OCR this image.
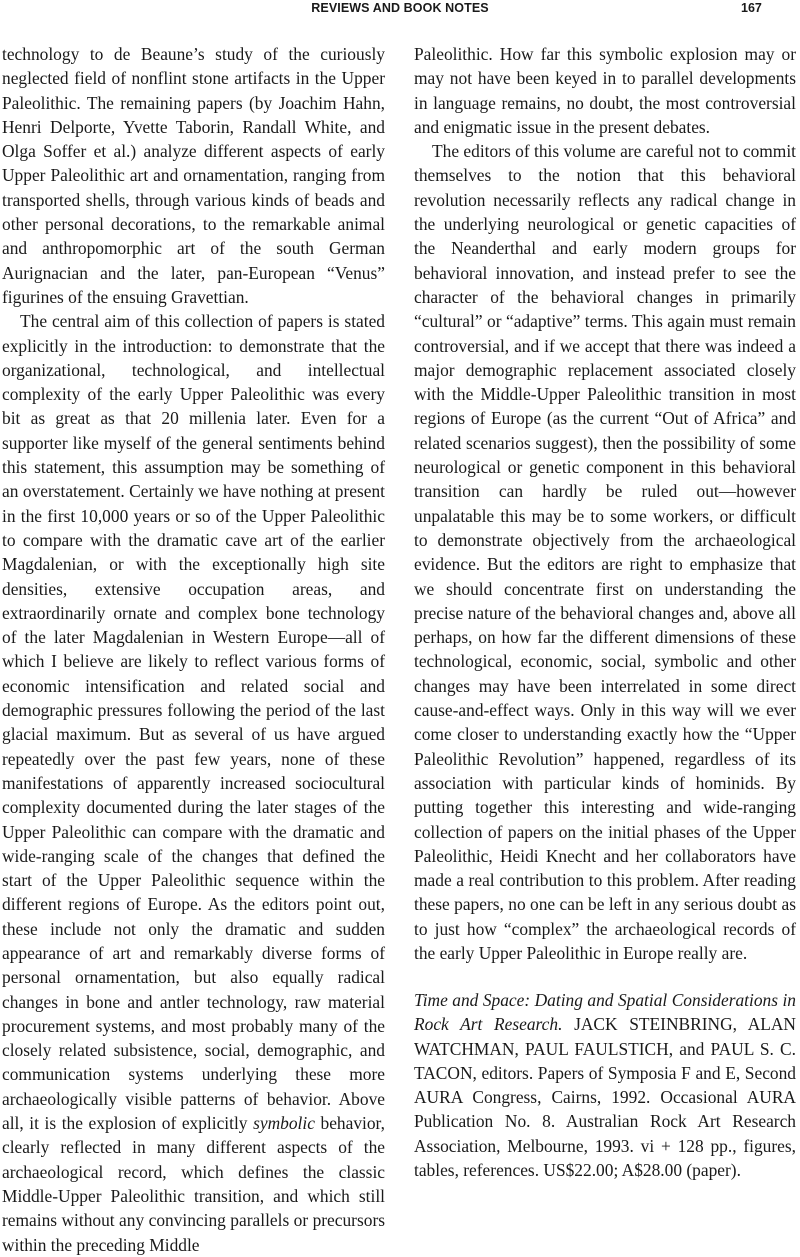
REVIEWS AND BOOK NOTES	167

technology to de Beaune’s study of the curiously neglected field of nonflint stone artifacts in the Upper Paleolithic. The remaining papers (by Joachim Hahn, Henri Delporte, Yvette Taborin, Randall White, and Olga Soffer et al.) analyze different aspects of early Upper Paleolithic art and ornamentation, ranging from transported shells, through various kinds of beads and other personal decorations, to the remarkable animal and anthropomorphic art of the south German Aurignacian and the later, pan-European “Venus” figurines of the ensuing Gravettian.

The central aim of this collection of papers is stated explicitly in the introduction: to demonstrate that the organizational, technological, and intellectual complexity of the early Upper Paleolithic was every bit as great as that 20 millenia later. Even for a supporter like myself of the general sentiments behind this statement, this assumption may be something of an overstatement. Certainly we have nothing at present in the first 10,000 years or so of the Upper Paleolithic to compare with the dramatic cave art of the earlier Magdalenian, or with the exceptionally high site densities, extensive occupation areas, and extraordinarily ornate and complex bone technology of the later Magdalenian in Western Europe—all of which I believe are likely to reflect various forms of economic intensification and related social and demographic pressures following the period of the last glacial maximum. But as several of us have argued repeatedly over the past few years, none of these manifestations of apparently increased sociocultural complexity documented during the later stages of the Upper Paleolithic can compare with the dramatic and wide-ranging scale of the changes that defined the start of the Upper Paleolithic sequence within the different regions of Europe. As the editors point out, these include not only the dramatic and sudden appearance of art and remarkably diverse forms of personal ornamentation, but also equally radical changes in bone and antler technology, raw material procurement systems, and most probably many of the closely related subsistence, social, demographic, and communication systems underlying these more archaeologically visible patterns of behavior. Above all, it is the explosion of explicitly symbolic behavior, clearly reflected in many different aspects of the archaeological record, which defines the classic Middle-Upper Paleolithic transition, and which still remains without any convincing parallels or precursors within the preceding Middle

Paleolithic. How far this symbolic explosion may or may not have been keyed in to parallel developments in language remains, no doubt, the most controversial and enigmatic issue in the present debates.

The editors of this volume are careful not to commit themselves to the notion that this behavioral revolution necessarily reflects any radical change in the underlying neurological or genetic capacities of the Neanderthal and early modern groups for behavioral innovation, and instead prefer to see the character of the behavioral changes in primarily “cultural” or “adaptive” terms. This again must remain controversial, and if we accept that there was indeed a major demographic replacement associated closely with the Middle-Upper Paleolithic transition in most regions of Europe (as the current “Out of Africa” and related scenarios suggest), then the possibility of some neurological or genetic component in this behavioral transition can hardly be ruled out—however unpalatable this may be to some workers, or difficult to demonstrate objectively from the archaeological evidence. But the editors are right to emphasize that we should concentrate first on understanding the precise nature of the behavioral changes and, above all perhaps, on how far the different dimensions of these technological, economic, social, symbolic and other changes may have been interrelated in some direct cause-and-effect ways. Only in this way will we ever come closer to understanding exactly how the “Upper Paleolithic Revolution” happened, regardless of its association with particular kinds of hominids. By putting together this interesting and wide-ranging collection of papers on the initial phases of the Upper Paleolithic, Heidi Knecht and her collaborators have made a real contribution to this problem. After reading these papers, no one can be left in any serious doubt as to just how “complex” the archaeological records of the early Upper Paleolithic in Europe really are.

Time and Space: Dating and Spatial Considerations in Rock Art Research. JACK STEINBRING, ALAN WATCHMAN, PAUL FAULSTICH, and PAUL S. C. TACON, editors. Papers of Symposia F and E, Second AURA Congress, Cairns, 1992. Occasional AURA Publication No. 8. Australian Rock Art Research Association, Melbourne, 1993. vi + 128 pp., figures, tables, references. US$22.00; A$28.00 (paper).
